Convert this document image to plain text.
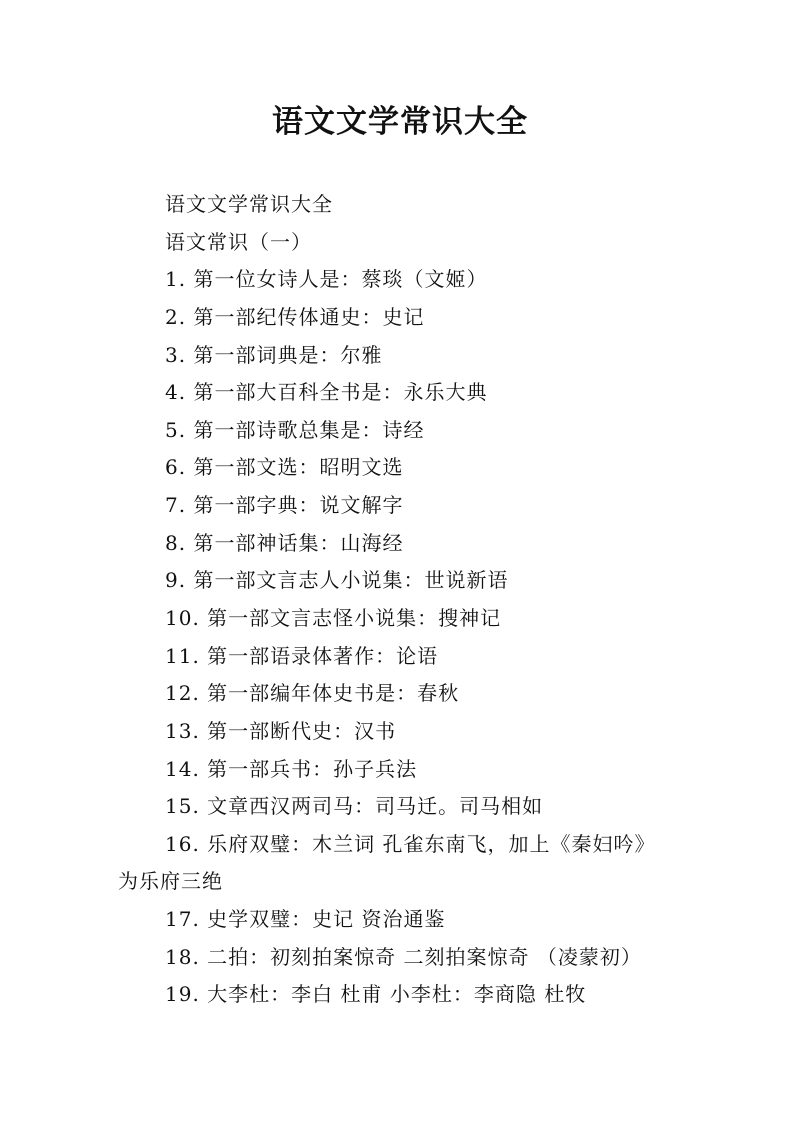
语文文学常识大全
语文文学常识大全
语文常识（一）
1. 第一位女诗人是：蔡琰（文姬）
2. 第一部纪传体通史：史记
3. 第一部词典是：尔雅
4. 第一部大百科全书是：永乐大典
5. 第一部诗歌总集是：诗经
6. 第一部文选：昭明文选
7. 第一部字典：说文解字
8. 第一部神话集：山海经
9. 第一部文言志人小说集：世说新语
10. 第一部文言志怪小说集：搜神记
11. 第一部语录体著作：论语
12. 第一部编年体史书是：春秋
13. 第一部断代史：汉书
14. 第一部兵书：孙子兵法
15. 文章西汉两司马：司马迁。司马相如
16. 乐府双璧：木兰词 孔雀东南飞，加上《秦妇吟》
为乐府三绝
17. 史学双璧：史记 资治通鉴
18. 二拍：初刻拍案惊奇 二刻拍案惊奇 （凌蒙初）
19. 大李杜：李白 杜甫 小李杜：李商隐 杜牧
